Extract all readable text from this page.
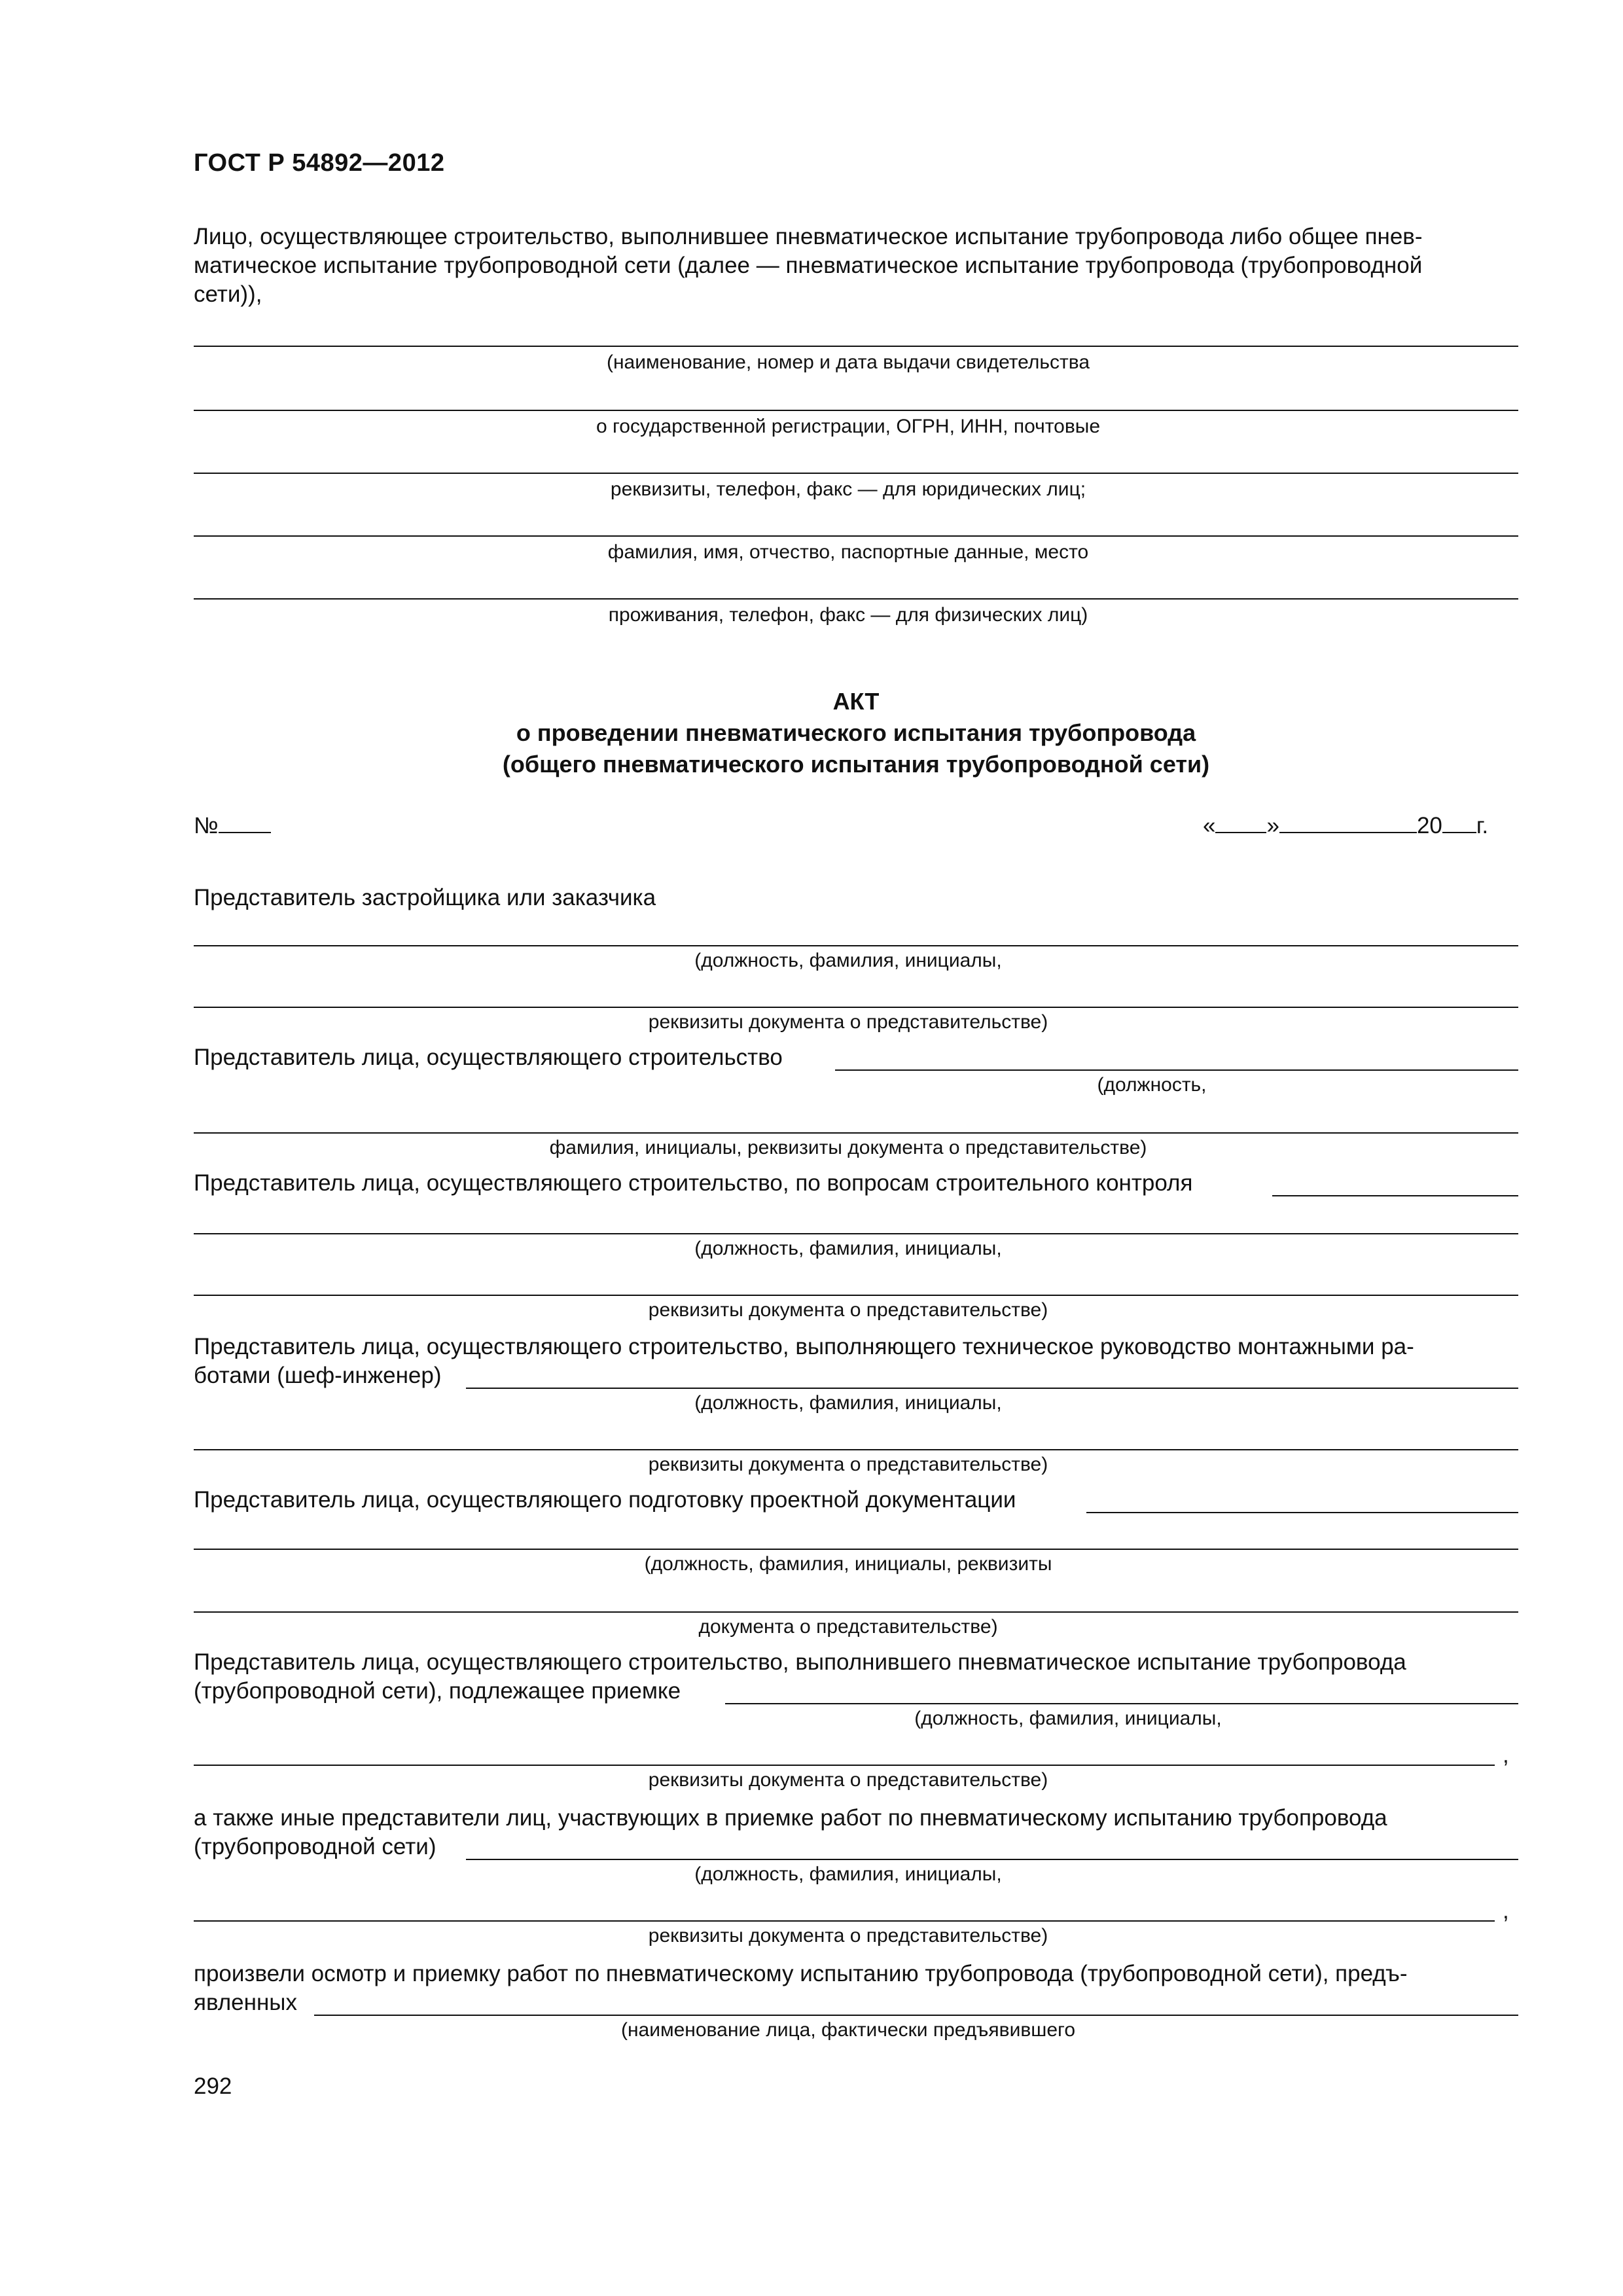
ГОСТ Р 54892—2012
Лицо, осуществляющее строительство, выполнившее пневматическое испытание трубопровода либо общее пнев-
матическое испытание трубопроводной сети (далее — пневматическое испытание трубопровода (трубопроводной
сети)),
(наименование, номер и дата выдачи свидетельства
о государственной регистрации, ОГРН, ИНН, почтовые
реквизиты, телефон, факс — для юридических лиц;
фамилия, имя, отчество, паспортные данные, место
проживания, телефон, факс — для физических лиц)
АКТ
о проведении пневматического испытания трубопровода
(общего пневматического испытания трубопроводной сети)
№	« »	20 г.
Представитель застройщика или заказчика
(должность, фамилия, инициалы,
реквизиты документа о представительстве)
Представитель лица, осуществляющего строительство
(должность,
фамилия, инициалы, реквизиты документа о представительстве)
Представитель лица, осуществляющего строительство, по вопросам строительного контроля
(должность, фамилия, инициалы,
реквизиты документа о представительстве)
Представитель лица, осуществляющего строительство, выполняющего техническое руководство монтажными ра-
ботами (шеф-инженер)
(должность, фамилия, инициалы,
реквизиты документа о представительстве)
Представитель лица, осуществляющего подготовку проектной документации
(должность, фамилия, инициалы, реквизиты
документа о представительстве)
Представитель лица, осуществляющего строительство, выполнившего пневматическое испытание трубопровода
(трубопроводной сети), подлежащее приемке
(должность, фамилия, инициалы,
,
реквизиты документа о представительстве)
а также иные представители лиц, участвующих в приемке работ по пневматическому испытанию трубопровода
(трубопроводной сети)
(должность, фамилия, инициалы,
,
реквизиты документа о представительстве)
произвели осмотр и приемку работ по пневматическому испытанию трубопровода (трубопроводной сети), предъ-
явленных
(наименование лица, фактически предъявившего
292
